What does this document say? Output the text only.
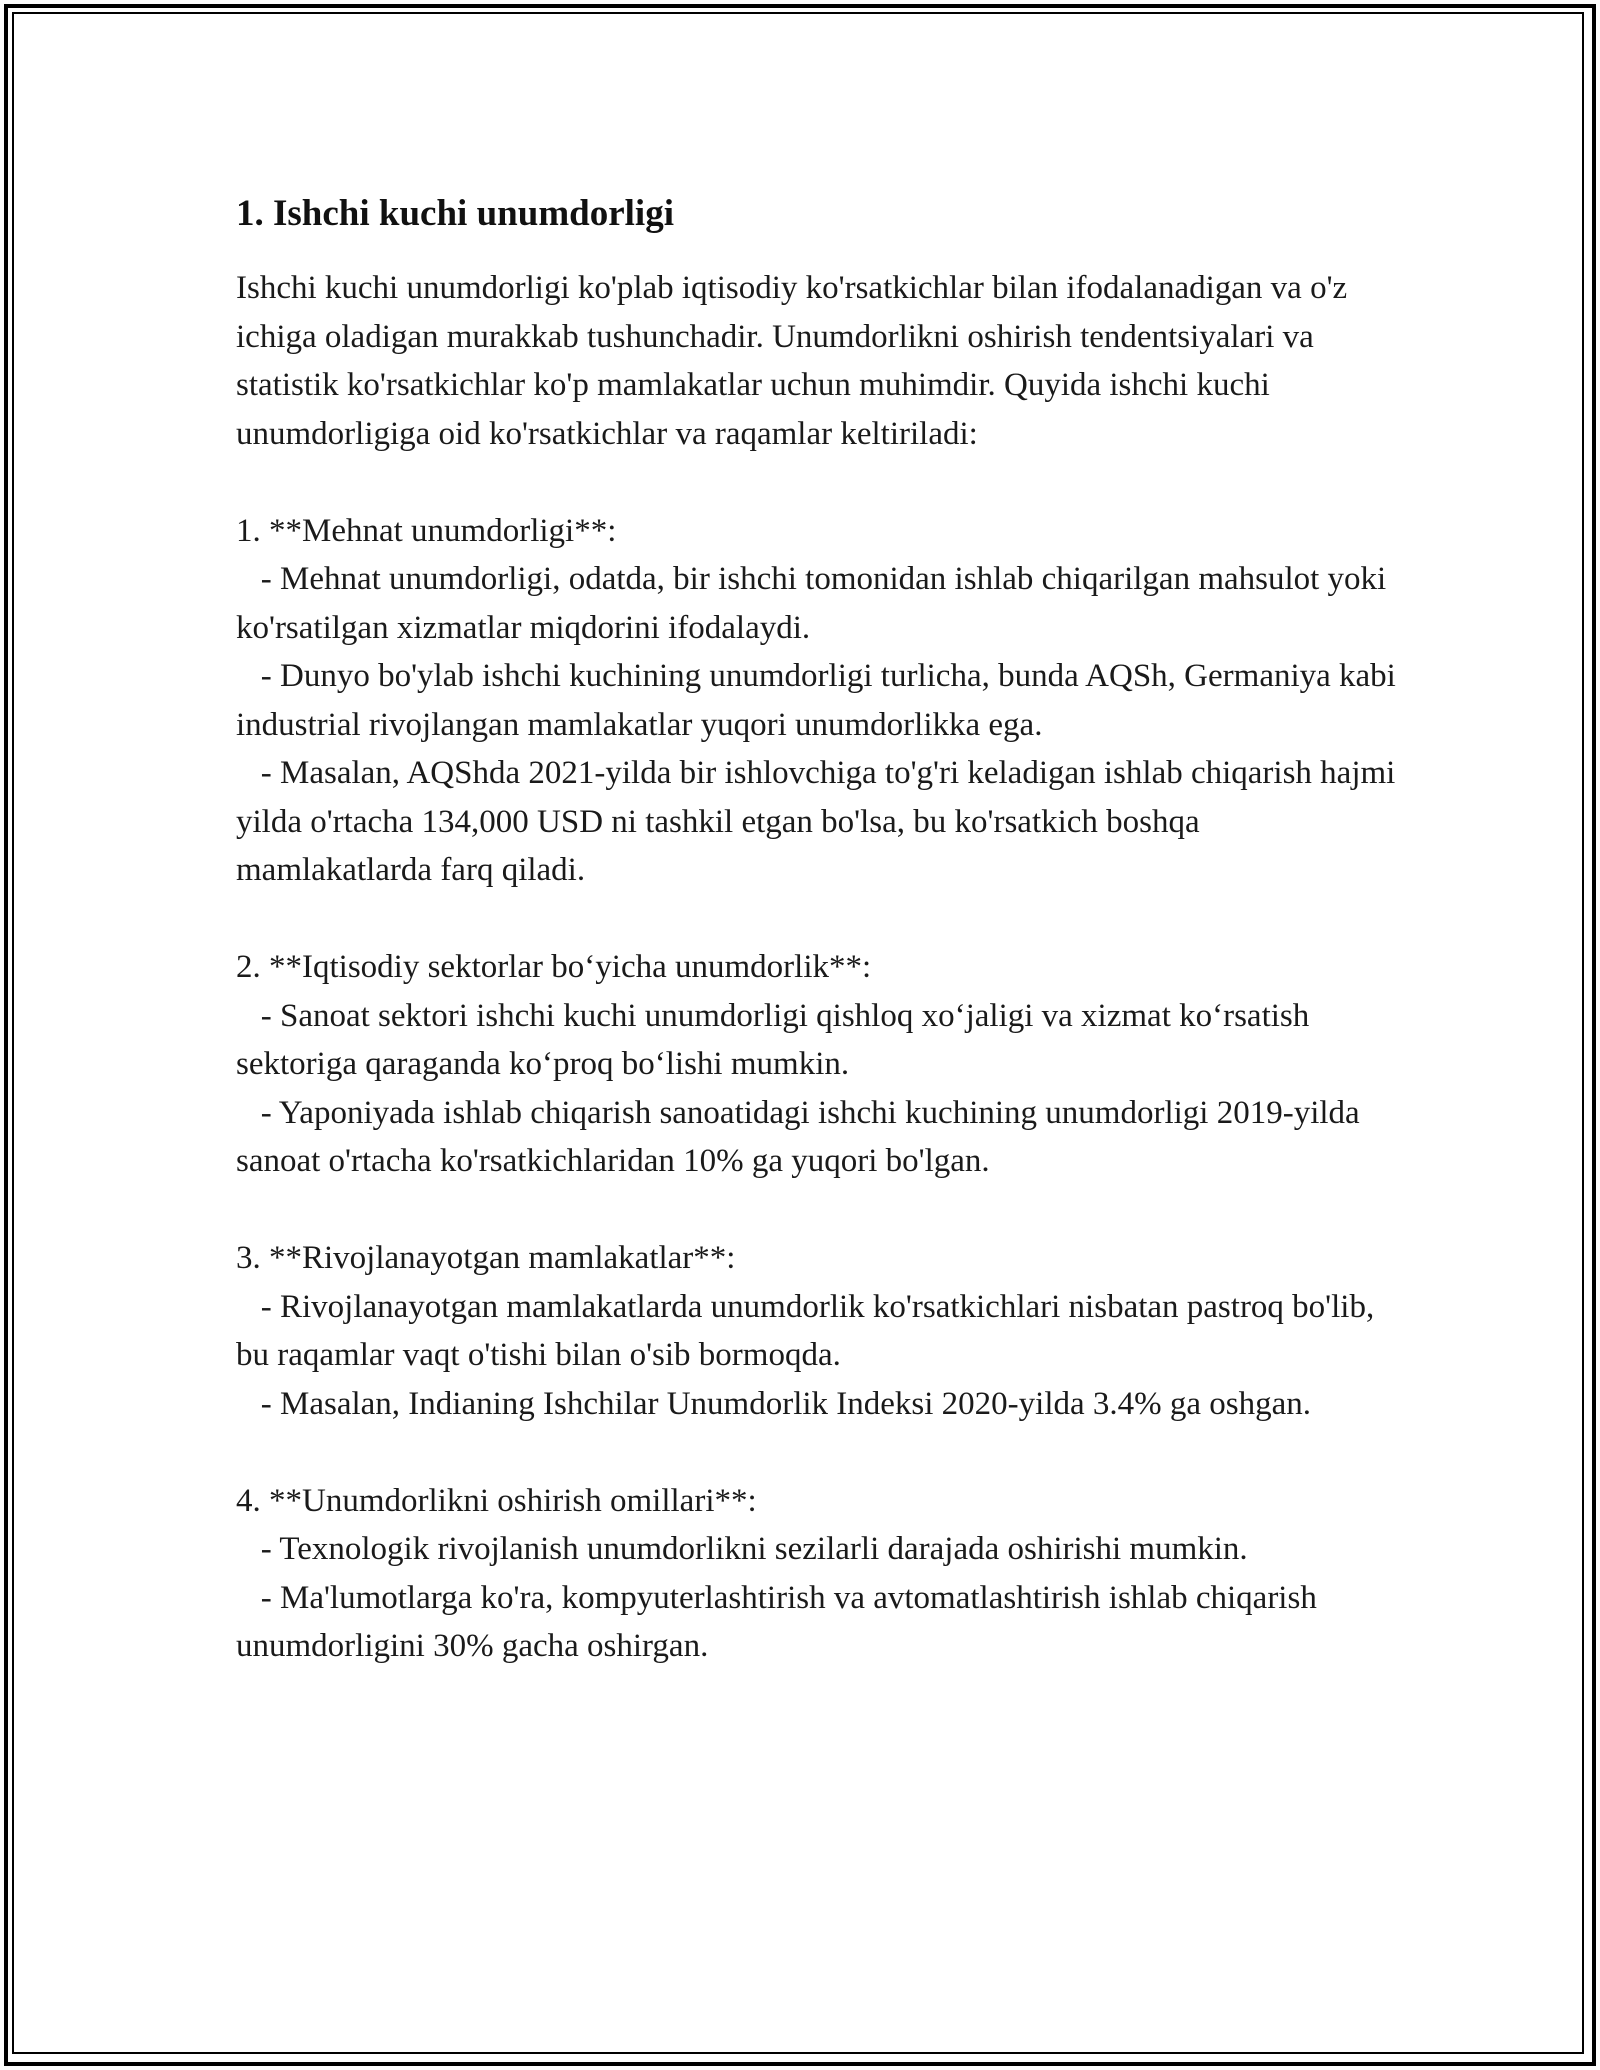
1. Ishchi kuchi unumdorligi

Ishchi kuchi unumdorligi ko'plab iqtisodiy ko'rsatkichlar bilan ifodalanadigan va o'z ichiga oladigan murakkab tushunchadir. Unumdorlikni oshirish tendentsiyalari va statistik ko'rsatkichlar ko'p mamlakatlar uchun muhimdir. Quyida ishchi kuchi unumdorligiga oid ko'rsatkichlar va raqamlar keltiriladi:

1. **Mehnat unumdorligi**:
- Mehnat unumdorligi, odatda, bir ishchi tomonidan ishlab chiqarilgan mahsulot yoki ko'rsatilgan xizmatlar miqdorini ifodalaydi.
- Dunyo bo'ylab ishchi kuchining unumdorligi turlicha, bunda AQSh, Germaniya kabi industrial rivojlangan mamlakatlar yuqori unumdorlikka ega.
- Masalan, AQShda 2021-yilda bir ishlovchiga to'g'ri keladigan ishlab chiqarish hajmi yilda o'rtacha 134,000 USD ni tashkil etgan bo'lsa, bu ko'rsatkich boshqa mamlakatlarda farq qiladi.
2. **Iqtisodiy sektorlar bo‘yicha unumdorlik**:
- Sanoat sektori ishchi kuchi unumdorligi qishloq xo‘jaligi va xizmat ko‘rsatish sektoriga qaraganda ko‘proq bo‘lishi mumkin.
- Yaponiyada ishlab chiqarish sanoatidagi ishchi kuchining unumdorligi 2019-yilda sanoat o'rtacha ko'rsatkichlaridan 10% ga yuqori bo'lgan.
3. **Rivojlanayotgan mamlakatlar**:
- Rivojlanayotgan mamlakatlarda unumdorlik ko'rsatkichlari nisbatan pastroq bo'lib, bu raqamlar vaqt o'tishi bilan o'sib bormoqda.
- Masalan, Indianing Ishchilar Unumdorlik Indeksi 2020-yilda 3.4% ga oshgan.
4. **Unumdorlikni oshirish omillari**:
- Texnologik rivojlanish unumdorlikni sezilarli darajada oshirishi mumkin.
- Ma'lumotlarga ko'ra, kompyuterlashtirish va avtomatlashtirish ishlab chiqarish unumdorligini 30% gacha oshirgan.
